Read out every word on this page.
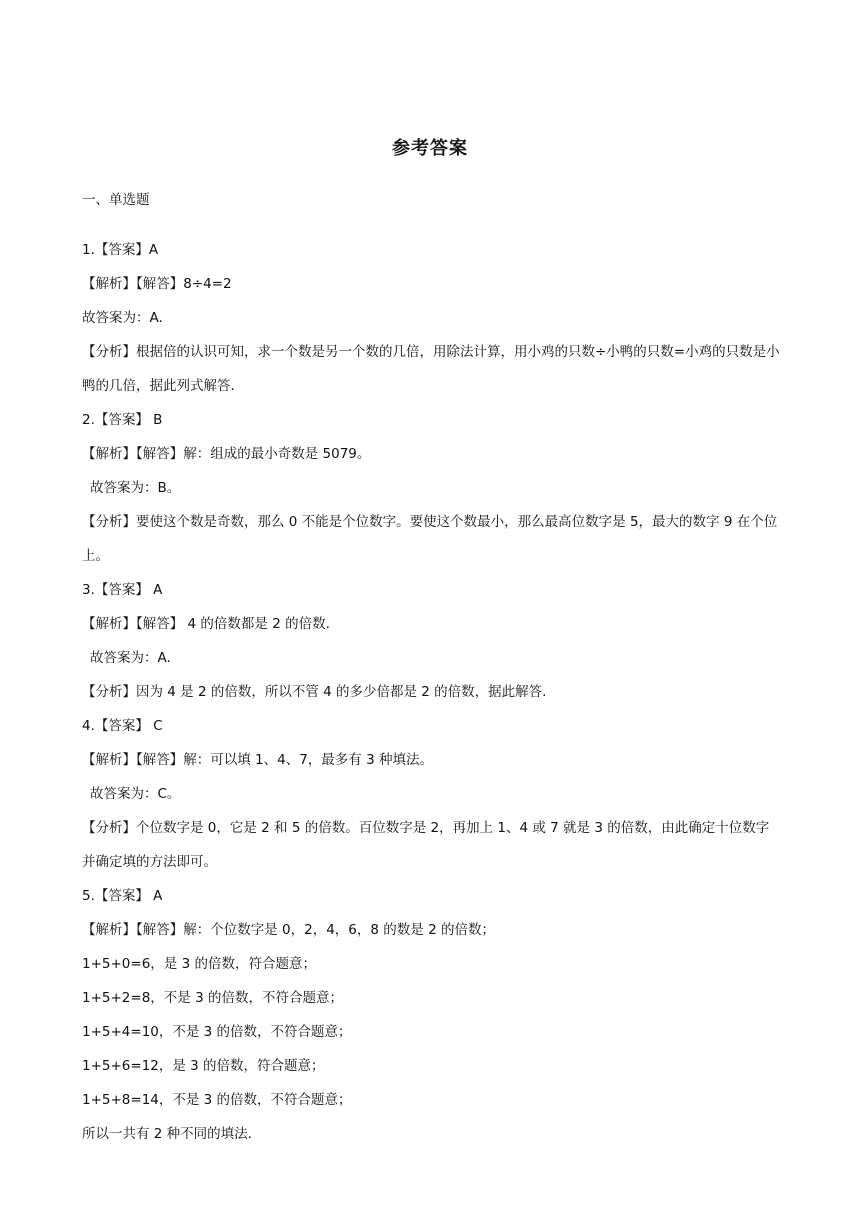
参考答案
一、单选题
1.【答案】A
【解析】【解答】8÷4=2
故答案为：A.
【分析】根据倍的认识可知，求一个数是另一个数的几倍，用除法计算，用小鸡的只数÷小鸭的只数=小鸡的只数是小鸭的几倍，据此列式解答.
2.【答案】 B
【解析】【解答】解：组成的最小奇数是 5079。
故答案为：B。
【分析】要使这个数是奇数，那么 0 不能是个位数字。要使这个数最小，那么最高位数字是 5，最大的数字 9 在个位上。
3.【答案】 A
【解析】【解答】 4 的倍数都是 2 的倍数.
故答案为：A.
【分析】因为 4 是 2 的倍数，所以不管 4 的多少倍都是 2 的倍数，据此解答.
4.【答案】 C
【解析】【解答】解：可以填 1、4、7，最多有 3 种填法。
故答案为：C。
【分析】个位数字是 0，它是 2 和 5 的倍数。百位数字是 2，再加上 1、4 或 7 就是 3 的倍数，由此确定十位数字并确定填的方法即可。
5.【答案】 A
【解析】【解答】解：个位数字是 0，2，4，6，8 的数是 2 的倍数；
1+5+0=6，是 3 的倍数，符合题意；
1+5+2=8，不是 3 的倍数，不符合题意；
1+5+4=10，不是 3 的倍数，不符合题意；
1+5+6=12，是 3 的倍数，符合题意；
1+5+8=14，不是 3 的倍数，不符合题意；
所以一共有 2 种不同的填法.
